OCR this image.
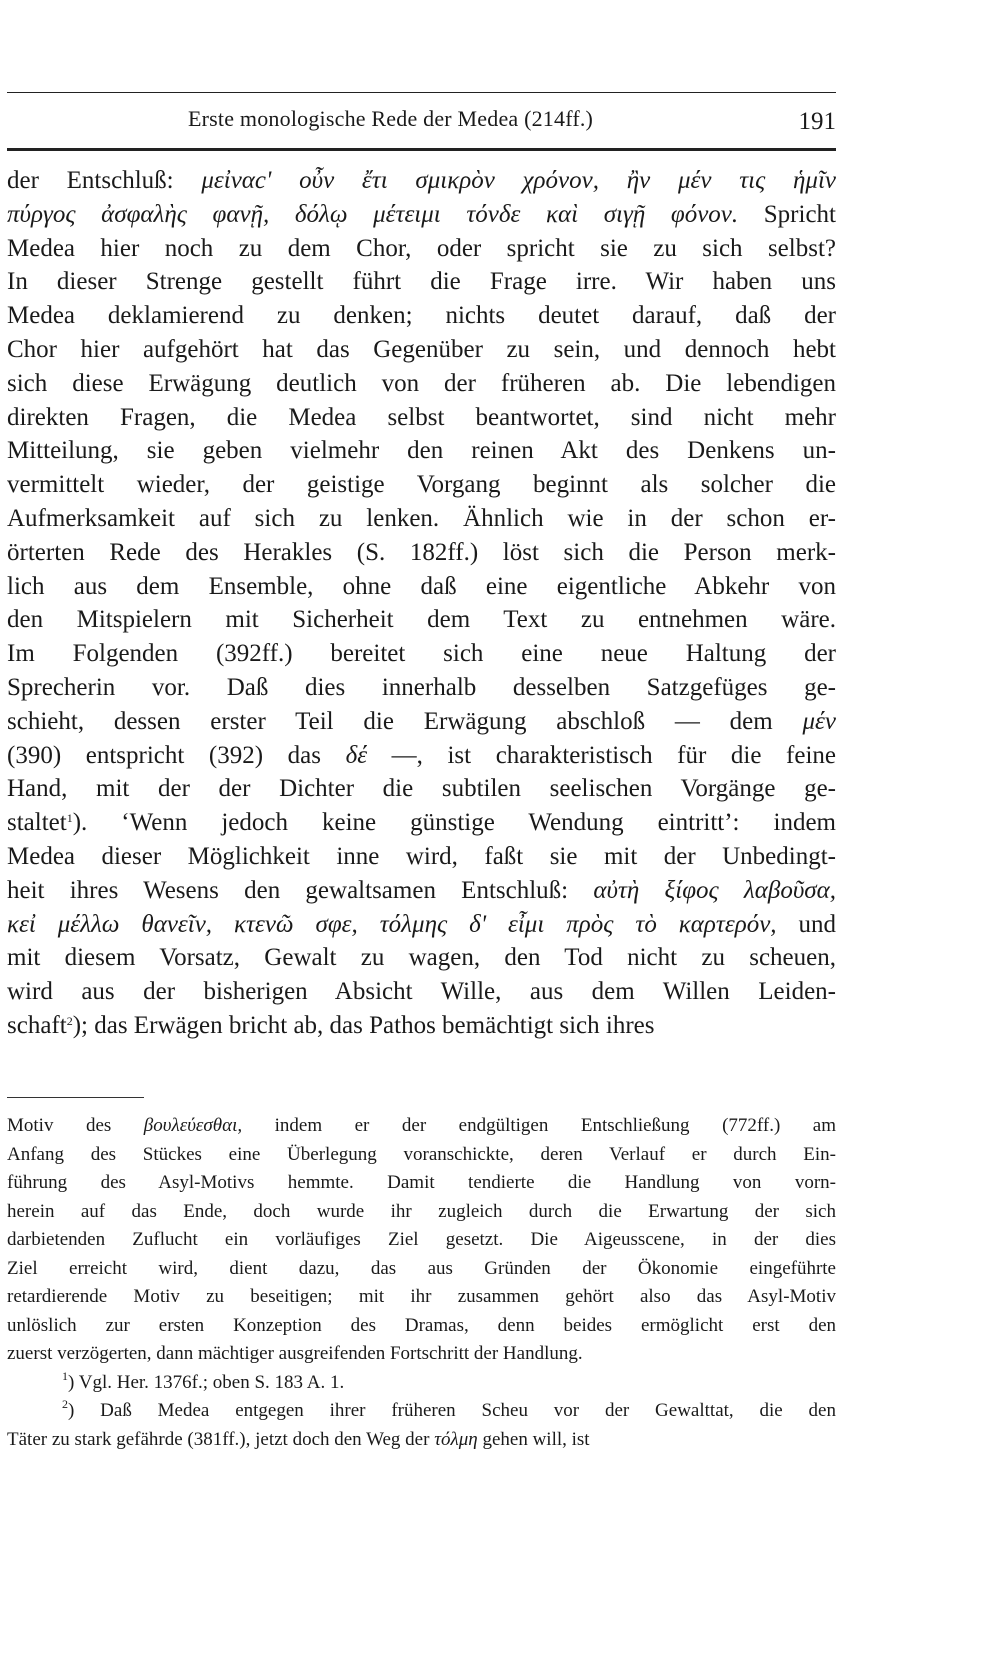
Erste monologische Rede der Medea (214ff.)	191
der Entschluß: μεἰναcʹ οὖν ἔτι σμικρὸν χρόνον, ἢν μέν τις ἡμῖν
πύργος ἀσφαλὴς φανῇ, δόλῳ μέτειμι τόνδε καὶ σιγῇ φόνον. Spricht
Medea hier noch zu dem Chor, oder spricht sie zu sich selbst?
In dieser Strenge gestellt führt die Frage irre. Wir haben uns
Medea deklamierend zu denken; nichts deutet darauf, daß der
Chor hier aufgehört hat das Gegenüber zu sein, und dennoch hebt
sich diese Erwägung deutlich von der früheren ab. Die lebendigen
direkten Fragen, die Medea selbst beantwortet, sind nicht mehr
Mitteilung, sie geben vielmehr den reinen Akt des Denkens un-
vermittelt wieder, der geistige Vorgang beginnt als solcher die
Aufmerksamkeit auf sich zu lenken. Ähnlich wie in der schon er-
örterten Rede des Herakles (S. 182ff.) löst sich die Person merk-
lich aus dem Ensemble, ohne daß eine eigentliche Abkehr von
den Mitspielern mit Sicherheit dem Text zu entnehmen wäre.
Im Folgenden (392ff.) bereitet sich eine neue Haltung der
Sprecherin vor. Daß dies innerhalb desselben Satzgefüges ge-
schieht, dessen erster Teil die Erwägung abschloß — dem μέν
(390) entspricht (392) das δέ —, ist charakteristisch für die feine
Hand, mit der der Dichter die subtilen seelischen Vorgänge ge-
staltet$^1$). ‘Wenn jedoch keine günstige Wendung eintritt’: indem
Medea dieser Möglichkeit inne wird, faßt sie mit der Unbedingt-
heit ihres Wesens den gewaltsamen Entschluß: αὐτὴ ξίφος λαβοῦσα,
κεἰ μέλλω θανεῖν, κτενῶ σφε, τόλμης δʹ εἶμι πρὸς τὸ καρτερόν, und
mit diesem Vorsatz, Gewalt zu wagen, den Tod nicht zu scheuen,
wird aus der bisherigen Absicht Wille, aus dem Willen Leiden-
schaft$^2$); das Erwägen bricht ab, das Pathos bemächtigt sich ihres
Motiv des βουλεύεσθαι, indem er der endgültigen Entschließung (772ff.) am
Anfang des Stückes eine Überlegung voranschickte, deren Verlauf er durch Ein-
führung des Asyl-Motivs hemmte. Damit tendierte die Handlung von vorn-
herein auf das Ende, doch wurde ihr zugleich durch die Erwartung der sich
darbietenden Zuflucht ein vorläufiges Ziel gesetzt. Die Aigeusscene, in der dies
Ziel erreicht wird, dient dazu, das aus Gründen der Ökonomie eingeführte
retardierende Motiv zu beseitigen; mit ihr zusammen gehört also das Asyl-Motiv
unlöslich zur ersten Konzeption des Dramas, denn beides ermöglicht erst den
zuerst verzögerten, dann mächtiger ausgreifenden Fortschritt der Handlung.
$^1$) Vgl. Her. 1376f.; oben S. 183 A. 1.
$^2$) Daß Medea entgegen ihrer früheren Scheu vor der Gewalttat, die den
Täter zu stark gefährde (381ff.), jetzt doch den Weg der τόλμη gehen will, ist
